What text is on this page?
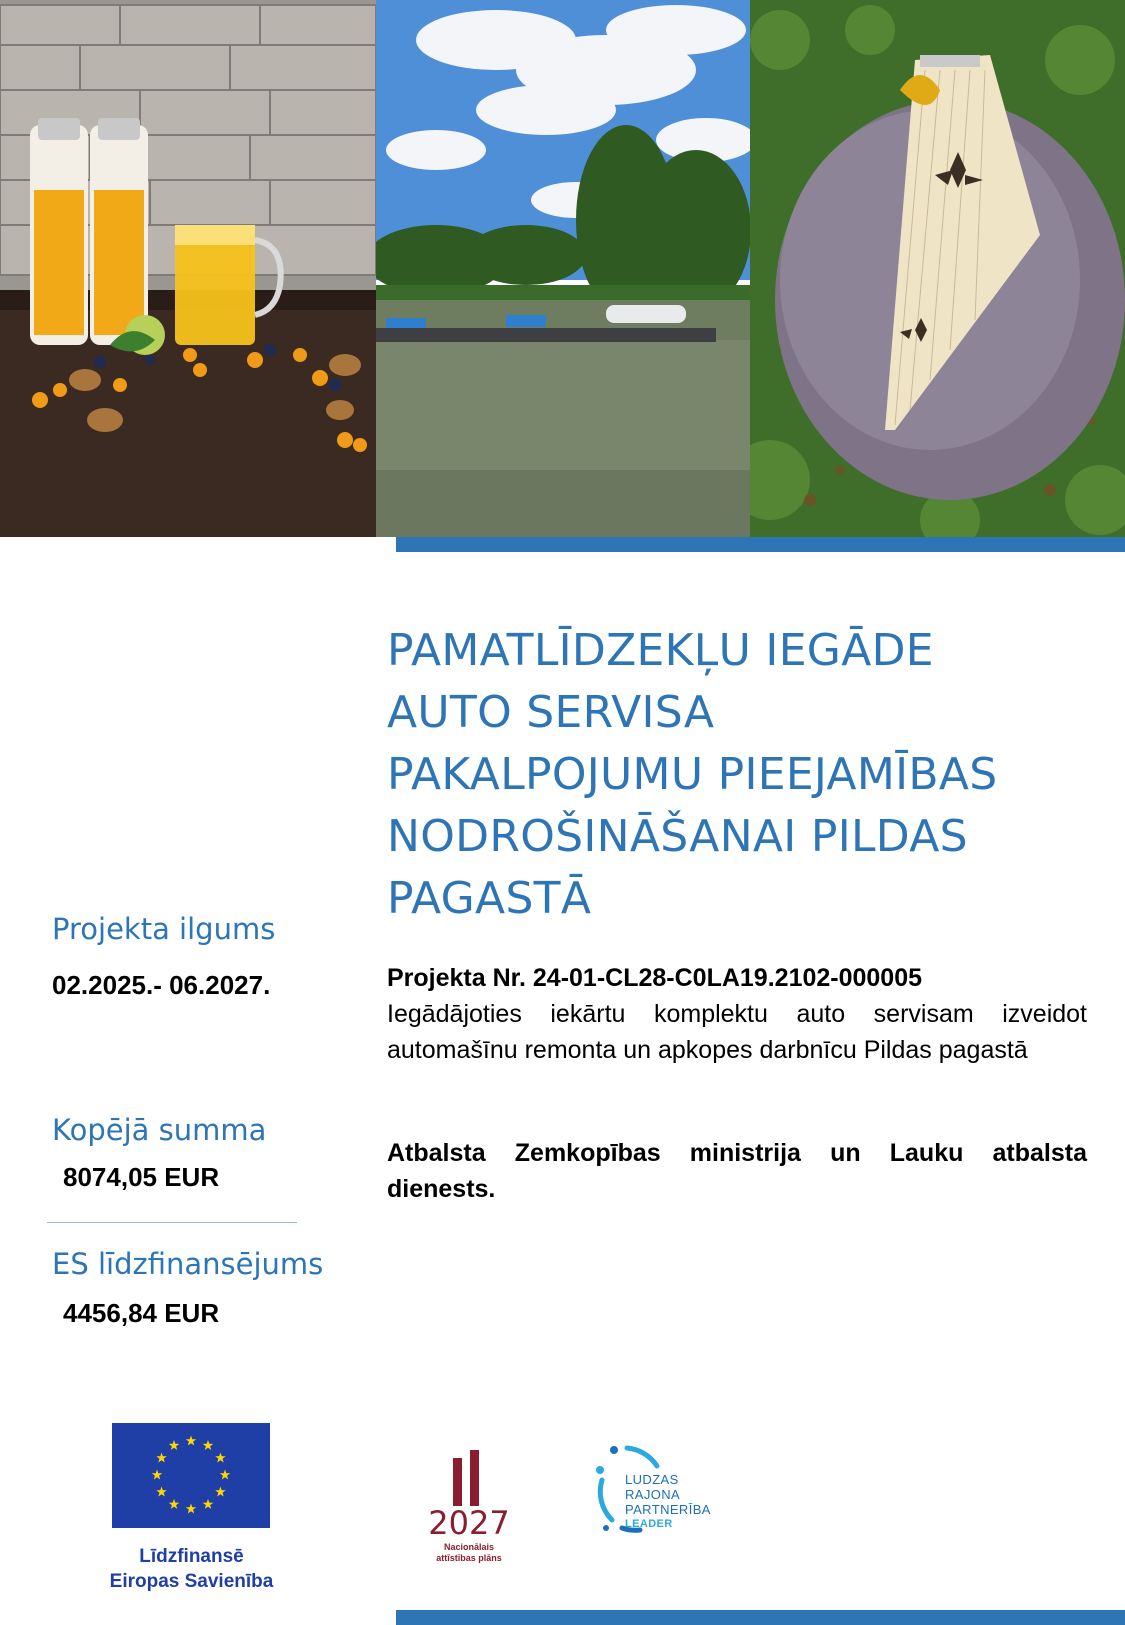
PAMATLĪDZEKĻU IEGĀDE
AUTO SERVISA
PAKALPOJUMU PIEEJAMĪBAS
NODROŠINĀŠANAI PILDAS
PAGASTĀ
Projekta ilgums
02.2025.- 06.2027.
Kopējā summa
8074,05 EUR
ES līdzfinansējums
4456,84 EUR
Projekta Nr. 24-01-CL28-C0LA19.2102-000005
Iegādājoties iekārtu komplektu auto servisam izveidot automašīnu remonta un apkopes darbnīcu Pildas pagastā
Atbalsta Zemkopības ministrija un Lauku atbalsta dienests.
Līdzfinansē
Eiropas Savienība
2027
Nacionālais
attīstības plāns
LUDZAS
RAJONA
PARTNERĪBA
LEADER
